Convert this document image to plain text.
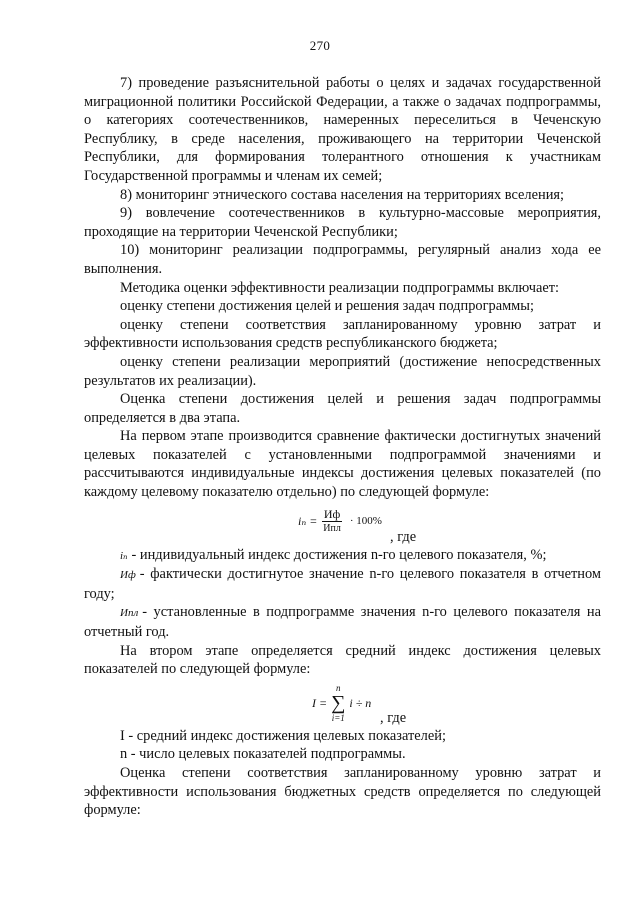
270

7) проведение разъяснительной работы о целях и задачах государственной миграционной политики Российской Федерации, а также о задачах подпрограммы, о категориях соотечественников, намеренных переселиться в Чеченскую Республику, в среде населения, проживающего на территории Чеченской Республики, для формирования толерантного отношения к участникам Государственной программы и членам их семей;

8) мониторинг этнического состава населения на территориях вселения;

9) вовлечение соотечественников в культурно-массовые мероприятия, проходящие на территории Чеченской Республики;

10) мониторинг реализации подпрограммы, регулярный анализ хода ее выполнения.

Методика оценки эффективности реализации подпрограммы включает:

оценку степени достижения целей и решения задач подпрограммы;

оценку степени соответствия запланированному уровню затрат и эффективности использования средств республиканского бюджета;

оценку степени реализации мероприятий (достижение непосредственных результатов их реализации).

Оценка степени достижения целей и решения задач подпрограммы определяется в два этапа.

На первом этапе производится сравнение фактически достигнутых значений целевых показателей с установленными подпрограммой значениями и рассчитываются индивидуальные индексы достижения целевых показателей (по каждому целевому показателю отдельно) по следующей формуле:

$i_n = \frac{Иф}{\text{Ипл}} \cdot 100\%$
, где

iₙ - индивидуальный индекс достижения n-го целевого показателя, %;

Иф - фактически достигнутое значение n-го целевого показателя в отчетном году;

Ипл - установленные в подпрограмме значения n-го целевого показателя на отчетный год.

На втором этапе определяется средний индекс достижения целевых показателей по следующей формуле:

I =
n
∑
i=1
i ÷ n
, где

I - средний индекс достижения целевых показателей;

n - число целевых показателей подпрограммы.

Оценка степени соответствия запланированному уровню затрат и эффективности использования бюджетных средств определяется по следующей формуле:
